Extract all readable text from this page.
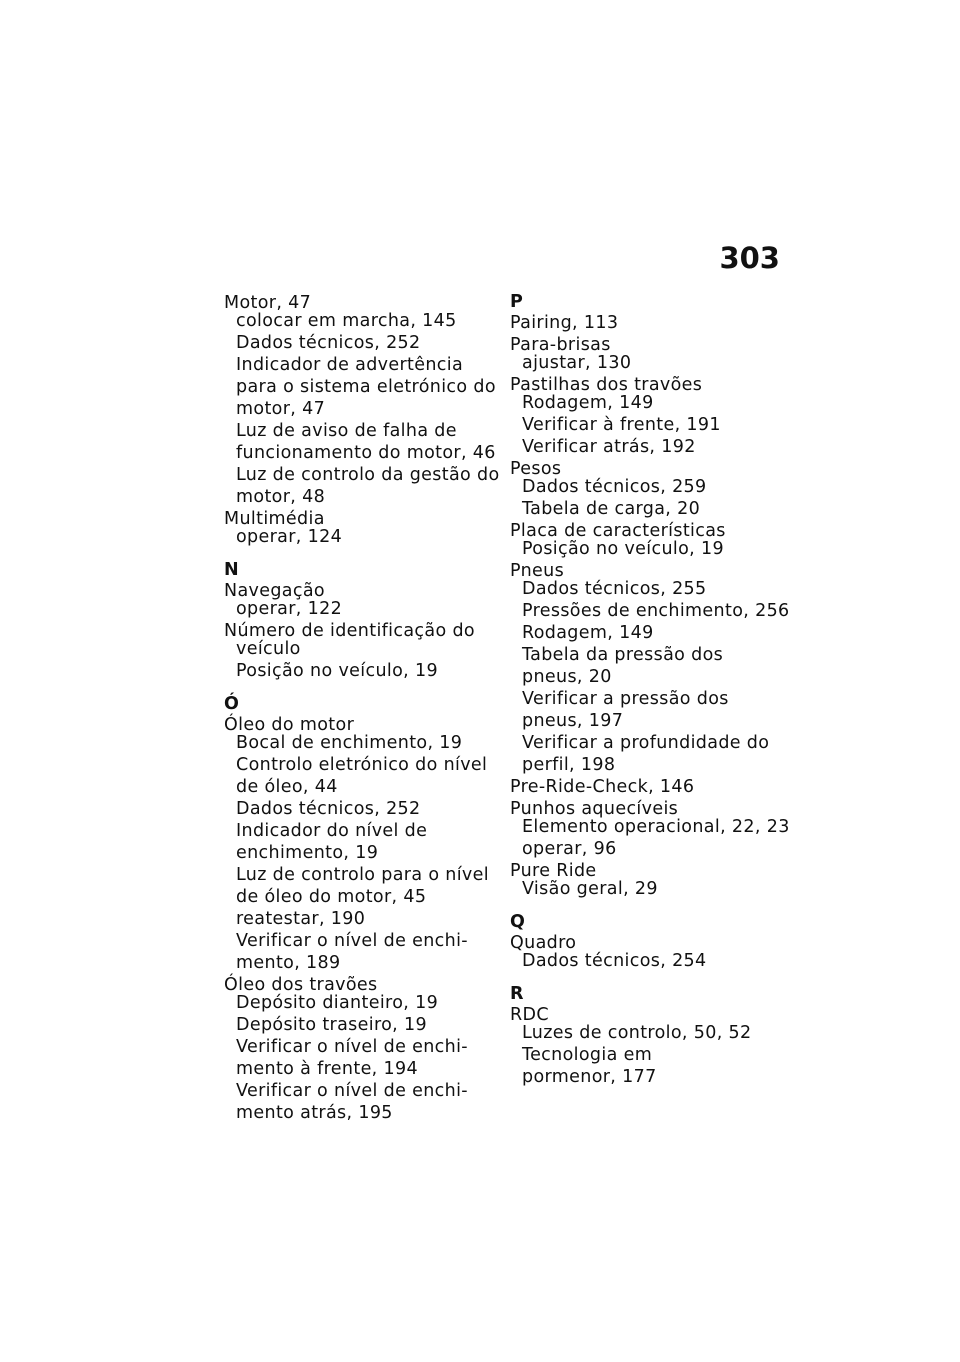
303
Motor, 47
colocar em marcha, 145
Dados técnicos, 252
Indicador de advertência
para o sistema eletrónico do
motor, 47
Luz de aviso de falha de
funcionamento do motor, 46
Luz de controlo da gestão do
motor, 48
Multimédia
operar, 124
N
Navegação
operar, 122
Número de identificação do
veículo
Posição no veículo, 19
Ó
Óleo do motor
Bocal de enchimento, 19
Controlo eletrónico do nível
de óleo, 44
Dados técnicos, 252
Indicador do nível de
enchimento, 19
Luz de controlo para o nível
de óleo do motor, 45
reatestar, 190
Verificar o nível de enchi-
mento, 189
Óleo dos travões
Depósito dianteiro, 19
Depósito traseiro, 19
Verificar o nível de enchi-
mento à frente, 194
Verificar o nível de enchi-
mento atrás, 195
P
Pairing, 113
Para-brisas
ajustar, 130
Pastilhas dos travões
Rodagem, 149
Verificar à frente, 191
Verificar atrás, 192
Pesos
Dados técnicos, 259
Tabela de carga, 20
Placa de características
Posição no veículo, 19
Pneus
Dados técnicos, 255
Pressões de enchimento, 256
Rodagem, 149
Tabela da pressão dos
pneus, 20
Verificar a pressão dos
pneus, 197
Verificar a profundidade do
perfil, 198
Pre-Ride-Check, 146
Punhos aquecíveis
Elemento operacional, 22, 23
operar, 96
Pure Ride
Visão geral, 29
Q
Quadro
Dados técnicos, 254
R
RDC
Luzes de controlo, 50, 52
Tecnologia em
pormenor, 177
